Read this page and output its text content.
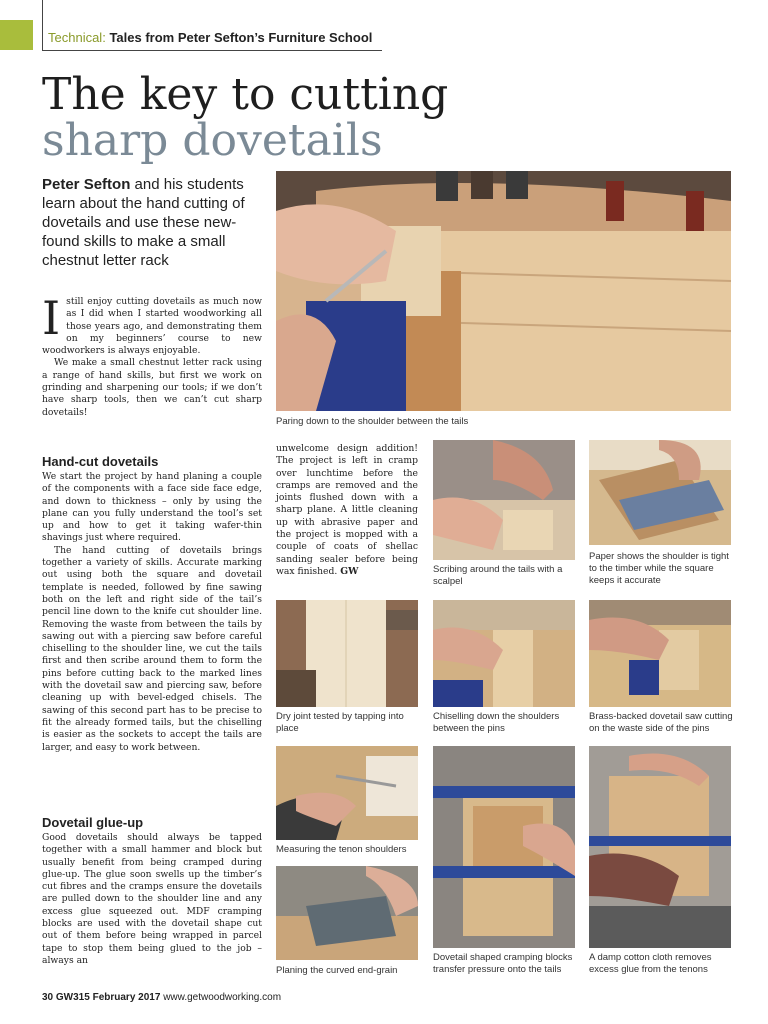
Technical: Tales from Peter Sefton’s Furniture School
The key to cutting
sharp dovetails
Peter Sefton and his students learn about the hand cutting of dovetails and use these new-found skills to make a small chestnut letter rack

Istill enjoy cutting dovetails as much now as I did when I started woodworking all those years ago, and demonstrating them on my beginners’ course to new woodworkers is always enjoyable.

We make a small chestnut letter rack using a range of hand skills, but first we work on grinding and sharpening our tools; if we don’t have sharp tools, then we can’t cut sharp dovetails!

Hand-cut dovetails

We start the project by hand planing a couple of the components with a face side face edge, and down to thickness – only by using the plane can you fully understand the tool’s set up and how to get it taking wafer-thin shavings just where required.

The hand cutting of dovetails brings together a variety of skills. Accurate marking out using both the square and dovetail template is needed, followed by fine sawing both on the left and right side of the tail’s pencil line down to the knife cut shoulder line. Removing the waste from between the tails by sawing out with a piercing saw before careful chiselling to the shoulder line, we cut the tails first and then scribe around them to form the pins before cutting back to the marked lines with the dovetail saw and piercing saw, before cleaning up with bevel-edged chisels. The sawing of this second part has to be precise to fit the already formed tails, but the chiselling is easier as the sockets to accept the tails are larger, and easy to work between.

Dovetail glue-up

Good dovetails should always be tapped together with a small hammer and block but usually benefit from being cramped during glue-up. The glue soon swells up the timber’s cut fibres and the cramps ensure the dovetails are pulled down to the shoulder line and any excess glue squeezed out. MDF cramping blocks are used with the dovetail shape cut out of them before being wrapped in parcel tape to stop them being glued to the job – always an

unwelcome design addition! The project is left in cramp over lunchtime before the cramps are removed and the joints flushed down with a sharp plane. A little cleaning up with abrasive paper and the project is mopped with a couple of coats of shellac sanding sealer before being wax finished. GW

Paring down to the shoulder between the tails
Scribing around the tails with a scalpel
Paper shows the shoulder is tight to the timber while the square keeps it accurate
Dry joint tested by tapping into place
Chiselling down the shoulders between the pins
Brass-backed dovetail saw cutting on the waste side of the pins
Measuring the tenon shoulders
Planing the curved end-grain
Dovetail shaped cramping blocks transfer pressure onto the tails
A damp cotton cloth removes excess glue from the tenons
30 GW315 February 2017 www.getwoodworking.com
